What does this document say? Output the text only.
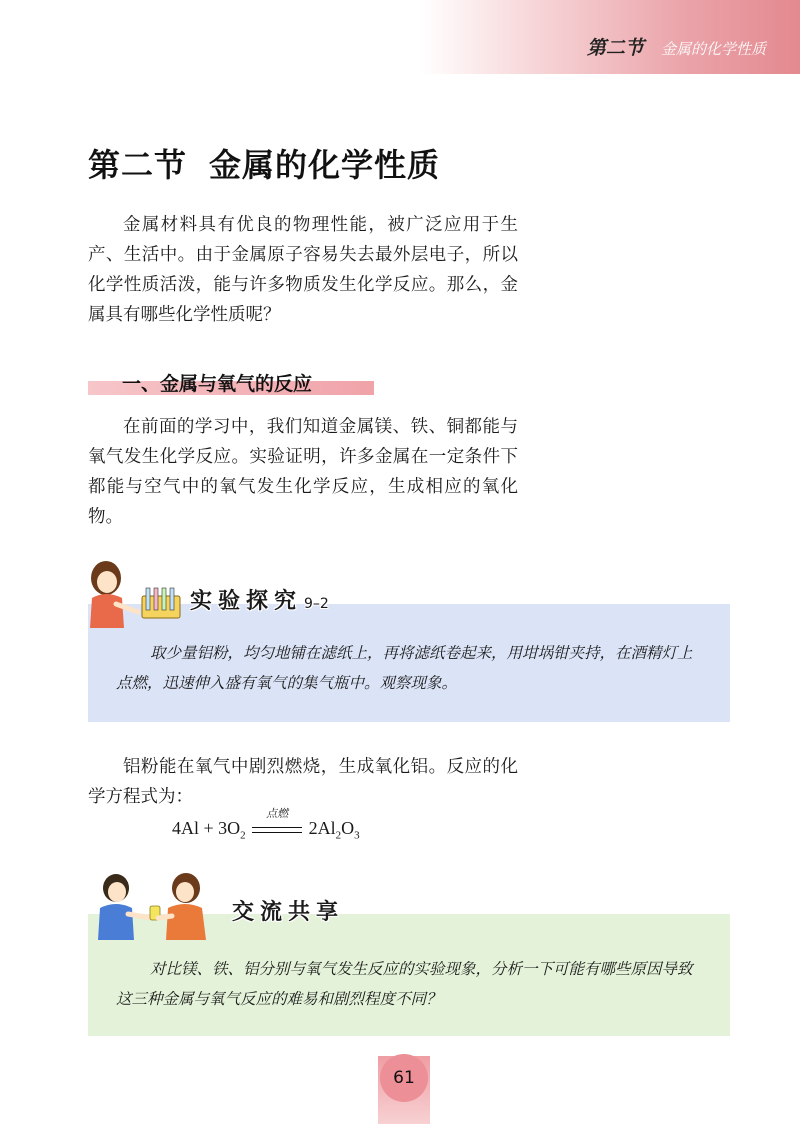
第二节 金属的化学性质
第二节 金属的化学性质

金属材料具有优良的物理性能，被广泛应用于生产、生活中。由于金属原子容易失去最外层电子，所以化学性质活泼，能与许多物质发生化学反应。那么，金属具有哪些化学性质呢？

一、金属与氧气的反应

在前面的学习中，我们知道金属镁、铁、铜都能与氧气发生化学反应。实验证明，许多金属在一定条件下都能与空气中的氧气发生化学反应，生成相应的氧化物。

取少量铝粉，均匀地铺在滤纸上，再将滤纸卷起来，用坩埚钳夹持，在酒精灯上点燃，迅速伸入盛有氧气的集气瓶中。观察现象。

实验探究 9–2

铝粉能在氧气中剧烈燃烧，生成氧化铝。反应的化学方程式为：

$4Al + 3O_2$
点燃
$2Al_2O_3$

对比镁、铁、铝分别与氧气发生反应的实验现象，分析一下可能有哪些原因导致这三种金属与氧气反应的难易和剧烈程度不同？

交流共享
61
